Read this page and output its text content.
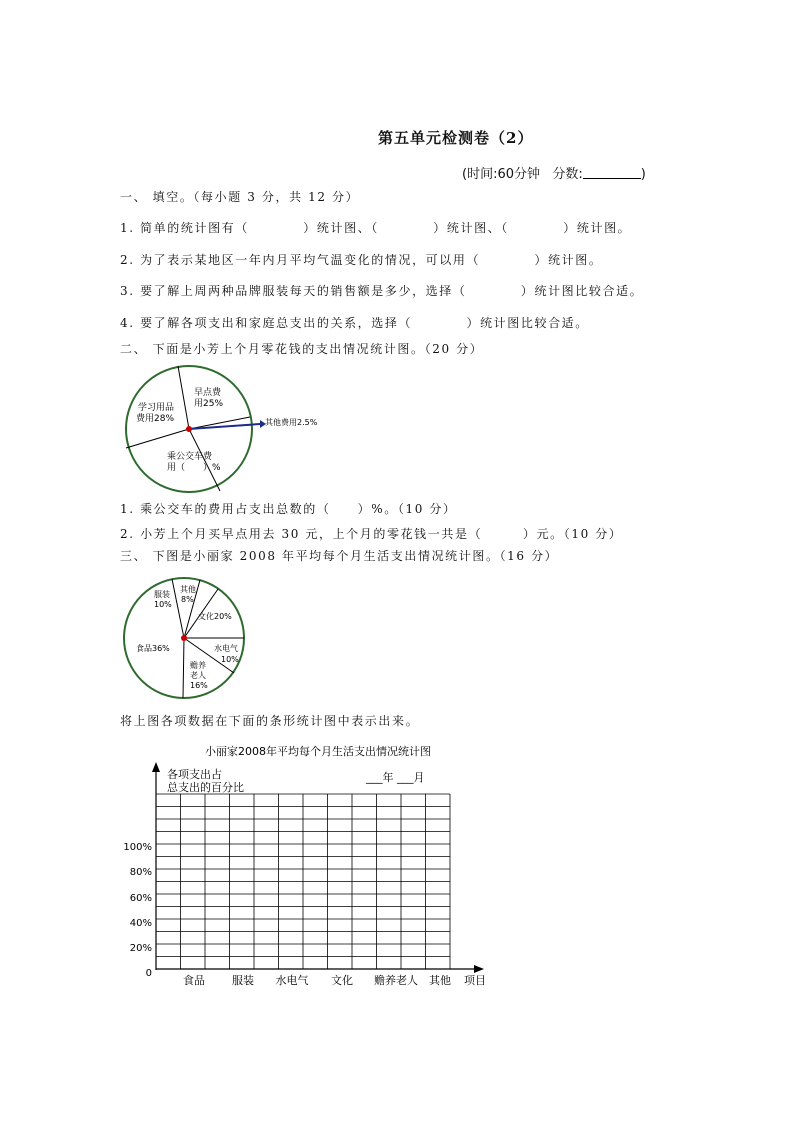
第五单元检测卷（2）
(时间:60分钟 分数:	)
一、 填空。（每小题 3 分，共 12 分）
1. 简单的统计图有（　　　　）统计图、（　　　　）统计图、（　　　　）统计图。
2. 为了表示某地区一年内月平均气温变化的情况，可以用（　　　　）统计图。
3. 要了解上周两种品牌服装每天的销售额是多少，选择（　　　　）统计图比较合适。
4. 要了解各项支出和家庭总支出的关系，选择（　　　　）统计图比较合适。
二、 下面是小芳上个月零花钱的支出情况统计图。（20 分）
早点费
用25%
学习用品
费用28%
乘公交车费
用（　　）%
其他费用2.5%
1. 乘公交车的费用占支出总数的（　　）%。（10 分）
2. 小芳上个月买早点用去 30 元，上个月的零花钱一共是（　　　）元。（10 分）
三、 下图是小丽家 2008 年平均每个月生活支出情况统计图。（16 分）
服装
10%
其他
8%
文化20%
水电气
10%
赡养
老人
16%
食品36%
将上图各项数据在下面的条形统计图中表示出来。
小丽家2008年平均每个月生活支出情况统计图
各项支出占
总支出的百分比
___年 ___月
100%
80%
60%
40%
20%
0
食品 服装 水电气 文化 赡养老人 其他 项目
